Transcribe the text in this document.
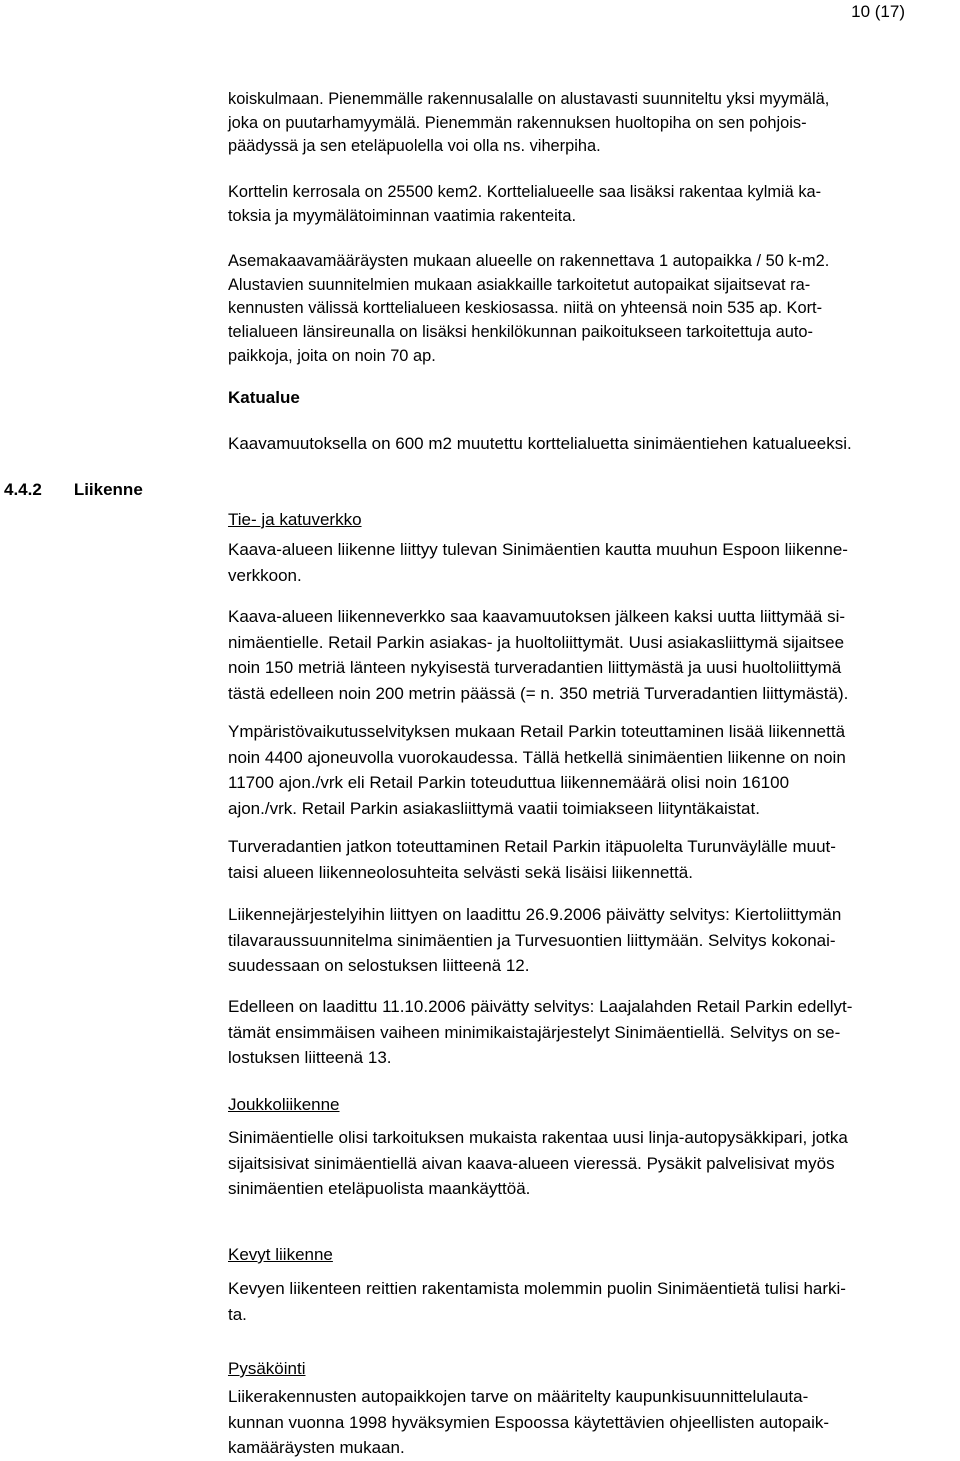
10 (17)
4.4.2 Liikenne

koiskulmaan. Pienemmälle rakennusalalle on alustavasti suunniteltu yksi myymälä,

joka on puutarhamyymälä. Pienemmän rakennuksen huoltopiha on sen pohjois-

päädyssä ja sen eteläpuolella voi olla ns. viherpiha.

Korttelin kerrosala on 25500 kem2. Korttelialueelle saa lisäksi rakentaa kylmiä ka-

toksia ja myymälätoiminnan vaatimia rakenteita.

Asemakaavamääräysten mukaan alueelle on rakennettava 1 autopaikka / 50 k-m2.

Alustavien suunnitelmien mukaan asiakkaille tarkoitetut autopaikat sijaitsevat ra-

kennusten välissä korttelialueen keskiosassa. niitä on yhteensä noin 535 ap. Kort-

telialueen länsireunalla on lisäksi henkilökunnan paikoitukseen tarkoitettuja auto-

paikkoja, joita on noin 70 ap.

Katualue

Kaavamuutoksella on 600 m2 muutettu korttelialuetta sinimäentiehen katualueeksi.

Tie- ja katuverkko

Kaava-alueen liikenne liittyy tulevan Sinimäentien kautta muuhun Espoon liikenne-

verkkoon.

Kaava-alueen liikenneverkko saa kaavamuutoksen jälkeen kaksi uutta liittymää si-

nimäentielle. Retail Parkin asiakas- ja huoltoliittymät. Uusi asiakasliittymä sijaitsee

noin 150 metriä länteen nykyisestä turveradantien liittymästä ja uusi huoltoliittymä

tästä edelleen noin 200 metrin päässä (= n. 350 metriä Turveradantien liittymästä).

Ympäristövaikutusselvityksen mukaan Retail Parkin toteuttaminen lisää liikennettä

noin 4400 ajoneuvolla vuorokaudessa. Tällä hetkellä sinimäentien liikenne on noin

11700 ajon./vrk eli Retail Parkin toteuduttua liikennemäärä olisi noin 16100

ajon./vrk. Retail Parkin asiakasliittymä vaatii toimiakseen liityntäkaistat.

Turveradantien jatkon toteuttaminen Retail Parkin itäpuolelta Turunväylälle muut-

taisi alueen liikenneolosuhteita selvästi sekä lisäisi liikennettä.

Liikennejärjestelyihin liittyen on laadittu 26.9.2006 päivätty selvitys: Kiertoliittymän

tilavaraussuunnitelma sinimäentien ja Turvesuontien liittymään. Selvitys kokonai-

suudessaan on selostuksen liitteenä 12.

Edelleen on laadittu 11.10.2006 päivätty selvitys: Laajalahden Retail Parkin edellyt-

tämät ensimmäisen vaiheen minimikaistajärjestelyt Sinimäentiellä. Selvitys on se-

lostuksen liitteenä 13.

Joukkoliikenne

Sinimäentielle olisi tarkoituksen mukaista rakentaa uusi linja-autopysäkkipari, jotka

sijaitsisivat sinimäentiellä aivan kaava-alueen vieressä. Pysäkit palvelisivat myös

sinimäentien eteläpuolista maankäyttöä.

Kevyt liikenne

Kevyen liikenteen reittien rakentamista molemmin puolin Sinimäentietä tulisi harki-

ta.

Pysäköinti

Liikerakennusten autopaikkojen tarve on määritelty kaupunkisuunnittelulauta-

kunnan vuonna 1998 hyväksymien Espoossa käytettävien ohjeellisten autopaik-

kamääräysten mukaan.
